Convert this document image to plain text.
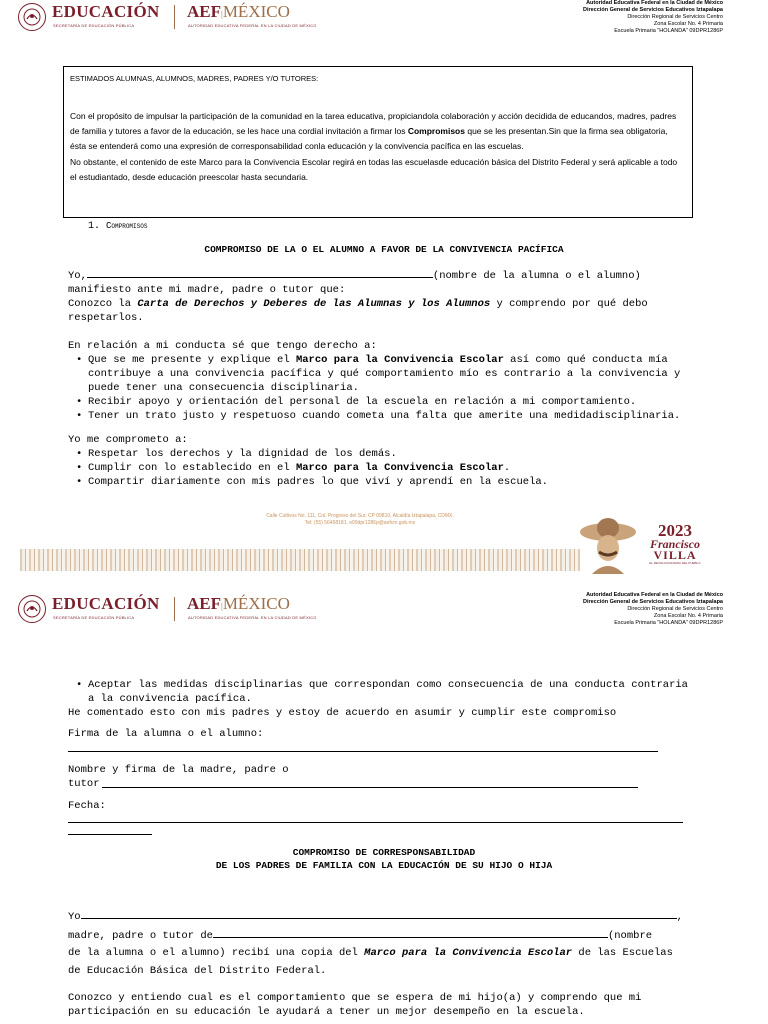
EDUCACIÓN
SECRETARÍA DE EDUCACIÓN PÚBLICA
AEF|MÉXICO
AUTORIDAD EDUCATIVA FEDERAL EN LA CIUDAD DE MÉXICO
Autoridad Educativa Federal en la Ciudad de México
Dirección General de Servicios Educativos Iztapalapa
Dirección Regional de Servicios Centro
Zona Escolar No. 4 Primaria
Escuela Primaria "HOLANDA" 09DPR1286P
ESTIMADOS ALUMNAS, ALUMNOS, MADRES, PADRES Y/O TUTORES:
Con el propósito de impulsar la participación de la comunidad en la tarea educativa, propiciandola colaboración y acción decidida de educandos, madres, padres de familia y tutores a favor de la educación, se les hace una cordial invitación a firmar los Compromisos que se les presentan.Sin que la firma sea obligatoria, ésta se entenderá como una expresión de corresponsabilidad conla educación y la convivencia pacífica en las escuelas.
No obstante, el contenido de este Marco para la Convivencia Escolar regirá en todas las escuelasde educación básica del Distrito Federal y será aplicable a todo el estudiantado, desde educación preescolar hasta secundaria.
1. Compromisos
COMPROMISO DE LA O EL ALUMNO A FAVOR DE LA CONVIVENCIA PACÍFICA
Yo,	(nombre de la alumna o el alumno)
manifiesto ante mi madre, padre o tutor que:
Conozco la Carta de Derechos y Deberes de las Alumnas y los Alumnos y comprendo por qué debo respetarlos.
En relación a mi conducta sé que tengo derecho a:
• Que se me presente y explique el Marco para la Convivencia Escolar así como qué conducta mía contribuye a una convivencia pacífica y qué comportamiento mío es contrario a la convivencia y puede tener una consecuencia disciplinaria.
• Recibir apoyo y orientación del personal de la escuela en relación a mi comportamiento.
• Tener un trato justo y respetuoso cuando cometa una falta que amerite una medidadisciplinaria.
Yo me comprometo a:
• Respetar los derechos y la dignidad de los demás.
• Cumplir con lo establecido en el Marco para la Convivencia Escolar.
• Compartir diariamente con mis padres lo que viví y aprendí en la escuela.
Calle Cultivos No. 111, Col. Progreso del Sur, CP 09810, Alcaldía Iztapalapa, CDMX.
Tel: (55) 56468181, e09dpr1286p@aefcm.gob.mx	2023
Francisco
VILLA
EL REVOLUCIONARIO DEL PUEBLO
EDUCACIÓN
SECRETARÍA DE EDUCACIÓN PÚBLICA
AEF|MÉXICO
AUTORIDAD EDUCATIVA FEDERAL EN LA CIUDAD DE MÉXICO
Autoridad Educativa Federal en la Ciudad de México
Dirección General de Servicios Educativos Iztapalapa
Dirección Regional de Servicios Centro
Zona Escolar No. 4 Primaria
Escuela Primaria "HOLANDA" 09DPR1286P
• Aceptar las medidas disciplinarias que correspondan como consecuencia de una conducta contraria a la convivencia pacífica.
He comentado esto con mis padres y estoy de acuerdo en asumir y cumplir este compromiso
Firma de la alumna o el alumno:
Nombre y firma de la madre, padre o
tutor
Fecha:
COMPROMISO DE CORRESPONSABILIDAD
DE LOS PADRES DE FAMILIA CON LA EDUCACIÓN DE SU HIJO O HIJA
Yo	,
madre, padre o tutor de	(nombre
de la alumna o el alumno) recibí una copia del Marco para la Convivencia Escolar de las Escuelas
de Educación Básica del Distrito Federal.
Conozco y entiendo cual es el comportamiento que se espera de mi hijo(a) y comprendo que mi participación en su educación le ayudará a tener un mejor desempeño en la escuela.
